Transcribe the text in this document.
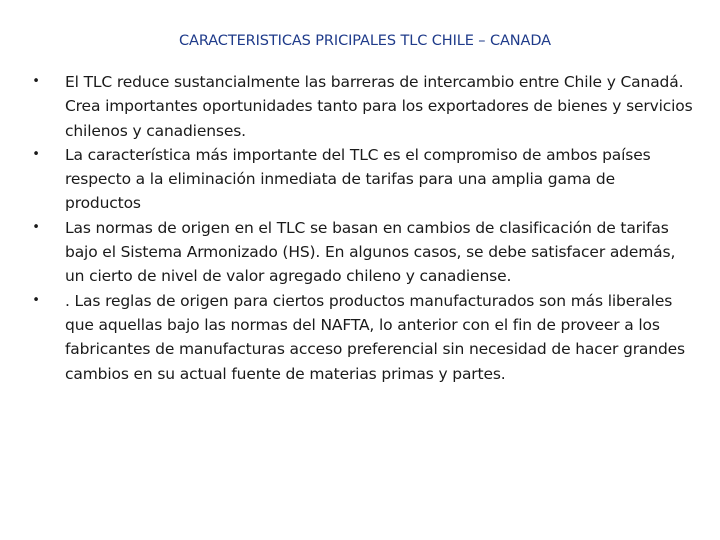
CARACTERISTICAS PRICIPALES TLC CHILE – CANADA
• El TLC reduce sustancialmente las barreras de intercambio entre Chile y Canadá. Crea importantes oportunidades tanto para los exportadores de bienes y servicios chilenos y canadienses.
• La característica más importante del TLC es el compromiso de ambos países respecto a la eliminación inmediata de tarifas para una amplia gama de productos
• Las normas de origen en el TLC se basan en cambios de clasificación de tarifas bajo el Sistema Armonizado (HS). En algunos casos, se debe satisfacer además, un cierto de nivel de valor agregado chileno y canadiense.
• . Las reglas de origen para ciertos productos manufacturados son más liberales que aquellas bajo las normas del NAFTA, lo anterior con el fin de proveer a los fabricantes de manufacturas acceso preferencial sin necesidad de hacer grandes cambios en su actual fuente de materias primas y partes.
